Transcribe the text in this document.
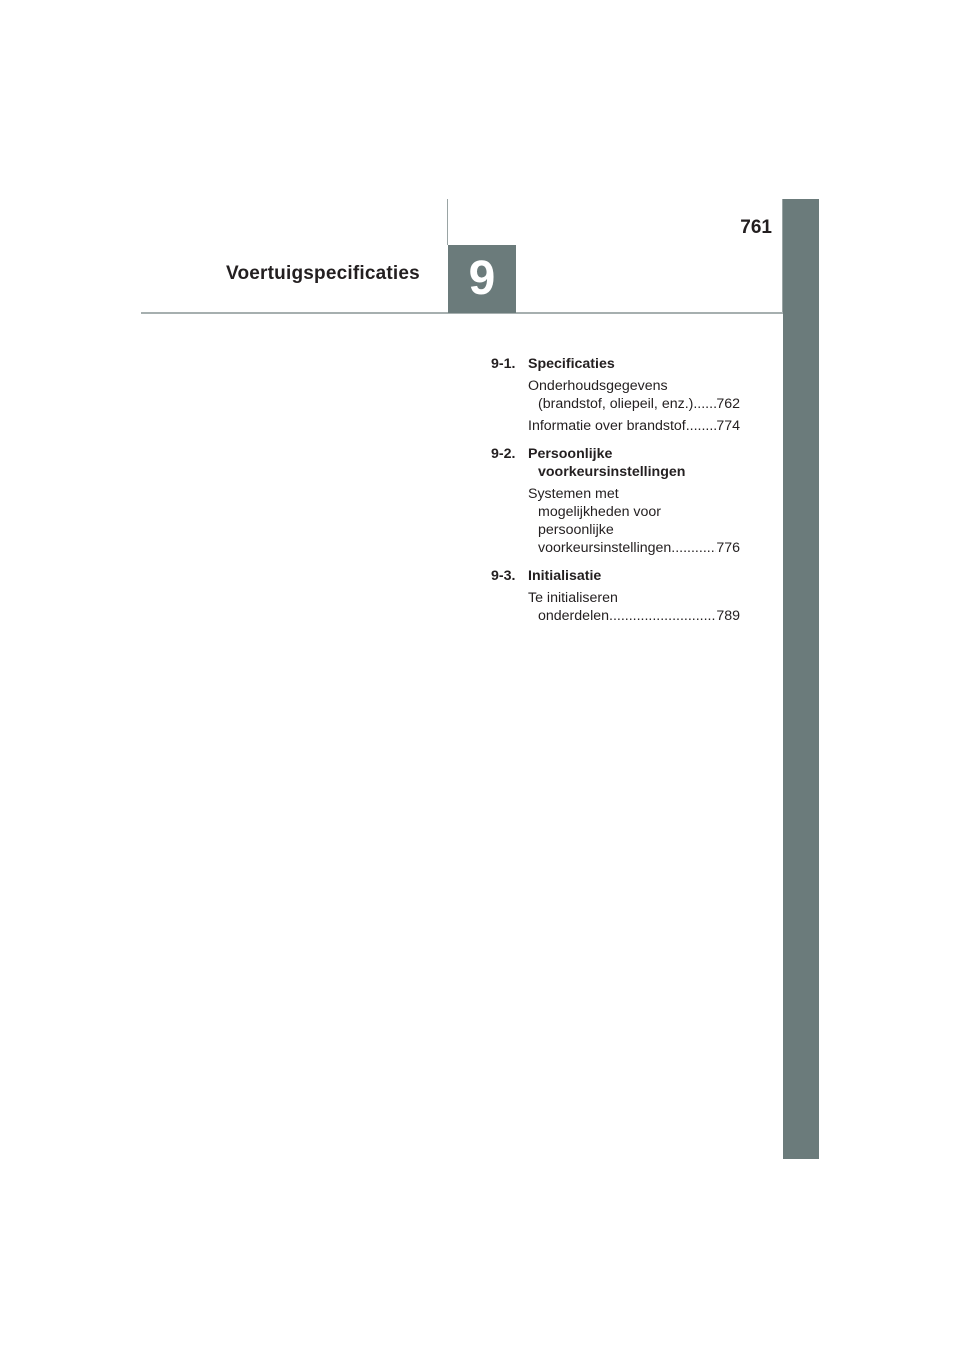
761
Voertuigspecificaties	9
9-1. Specificaties
Onderhoudsgegevens
(brandstof, oliepeil, enz.) ..... 762
Informatie over brandstof ..... 774
9-2. Persoonlijke
voorkeursinstellingen
Systemen met
mogelijkheden voor
persoonlijke
voorkeursinstellingen .....	776
9-3. Initialisatie
Te initialiseren
onderdelen .....	789
